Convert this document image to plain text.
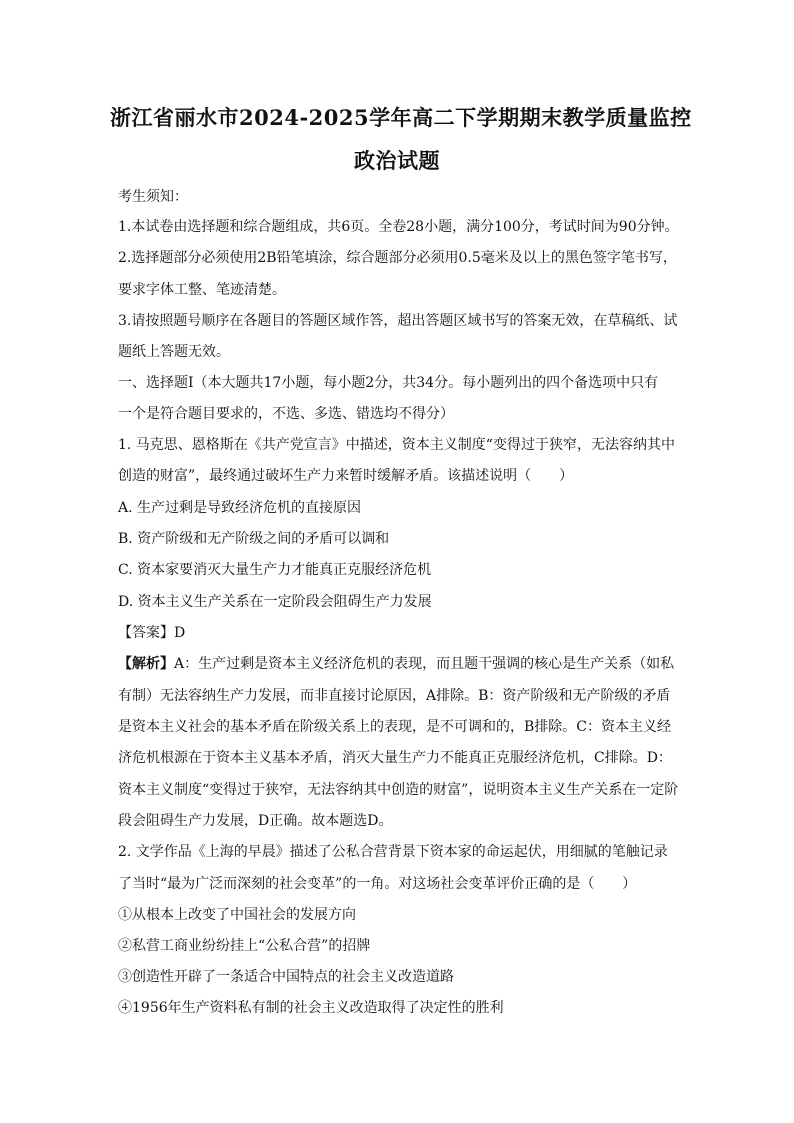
浙江省丽水市2024-2025学年高二下学期期末教学质量监控
政治试题
考生须知：
1.本试卷由选择题和综合题组成，共6页。全卷28小题，满分100分，考试时间为90分钟。
2.选择题部分必须使用2B铅笔填涂，综合题部分必须用0.5毫米及以上的黑色签字笔书写，
要求字体工整、笔迹清楚。
3.请按照题号顺序在各题目的答题区域作答，超出答题区域书写的答案无效，在草稿纸、试
题纸上答题无效。
一、选择题Ⅰ（本大题共17小题，每小题2分，共34分。每小题列出的四个备选项中只有
一个是符合题目要求的，不选、多选、错选均不得分）
1. 马克思、恩格斯在《共产党宣言》中描述，资本主义制度“变得过于狭窄，无法容纳其中
创造的财富”，最终通过破坏生产力来暂时缓解矛盾。该描述说明（　　）
A. 生产过剩是导致经济危机的直接原因
B. 资产阶级和无产阶级之间的矛盾可以调和
C. 资本家要消灭大量生产力才能真正克服经济危机
D. 资本主义生产关系在一定阶段会阻碍生产力发展
【答案】D
【解析】A：生产过剩是资本主义经济危机的表现，而且题干强调的核心是生产关系（如私
有制）无法容纳生产力发展，而非直接讨论原因，A排除。B：资产阶级和无产阶级的矛盾
是资本主义社会的基本矛盾在阶级关系上的表现，是不可调和的，B排除。C：资本主义经
济危机根源在于资本主义基本矛盾，消灭大量生产力不能真正克服经济危机，C排除。D：
资本主义制度“变得过于狭窄，无法容纳其中创造的财富”，说明资本主义生产关系在一定阶
段会阻碍生产力发展，D正确。故本题选D。
2. 文学作品《上海的早晨》描述了公私合营背景下资本家的命运起伏，用细腻的笔触记录
了当时“最为广泛而深刻的社会变革”的一角。对这场社会变革评价正确的是（　　）
①从根本上改变了中国社会的发展方向
②私营工商业纷纷挂上“公私合营”的招牌
③创造性开辟了一条适合中国特点的社会主义改造道路
④1956年生产资料私有制的社会主义改造取得了决定性的胜利
